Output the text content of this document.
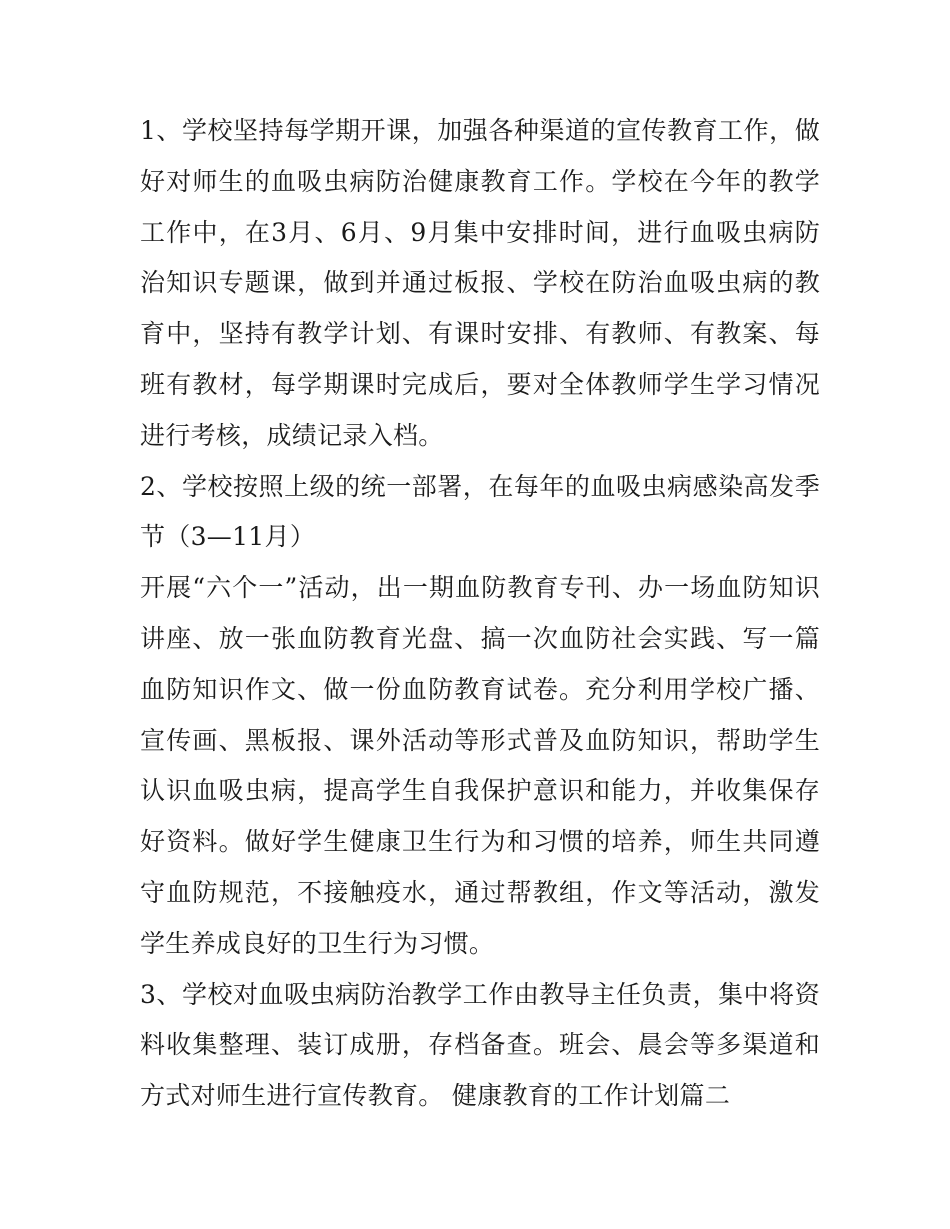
1、学校坚持每学期开课，加强各种渠道的宣传教育工作，做好对师生的血吸虫病防治健康教育工作。学校在今年的教学工作中，在3月、6月、9月集中安排时间，进行血吸虫病防治知识专题课，做到并通过板报、学校在防治血吸虫病的教育中，坚持有教学计划、有课时安排、有教师、有教案、每班有教材，每学期课时完成后，要对全体教师学生学习情况进行考核，成绩记录入档。

2、学校按照上级的统一部署，在每年的血吸虫病感染高发季节（3—11月）

开展“六个一”活动，出一期血防教育专刊、办一场血防知识讲座、放一张血防教育光盘、搞一次血防社会实践、写一篇血防知识作文、做一份血防教育试卷。充分利用学校广播、宣传画、黑板报、课外活动等形式普及血防知识，帮助学生认识血吸虫病，提高学生自我保护意识和能力，并收集保存好资料。做好学生健康卫生行为和习惯的培养，师生共同遵守血防规范，不接触疫水，通过帮教组，作文等活动，激发学生养成良好的卫生行为习惯。

3、学校对血吸虫病防治教学工作由教导主任负责，集中将资料收集整理、装订成册，存档备查。班会、晨会等多渠道和方式对师生进行宣传教育。 健康教育的工作计划篇二
